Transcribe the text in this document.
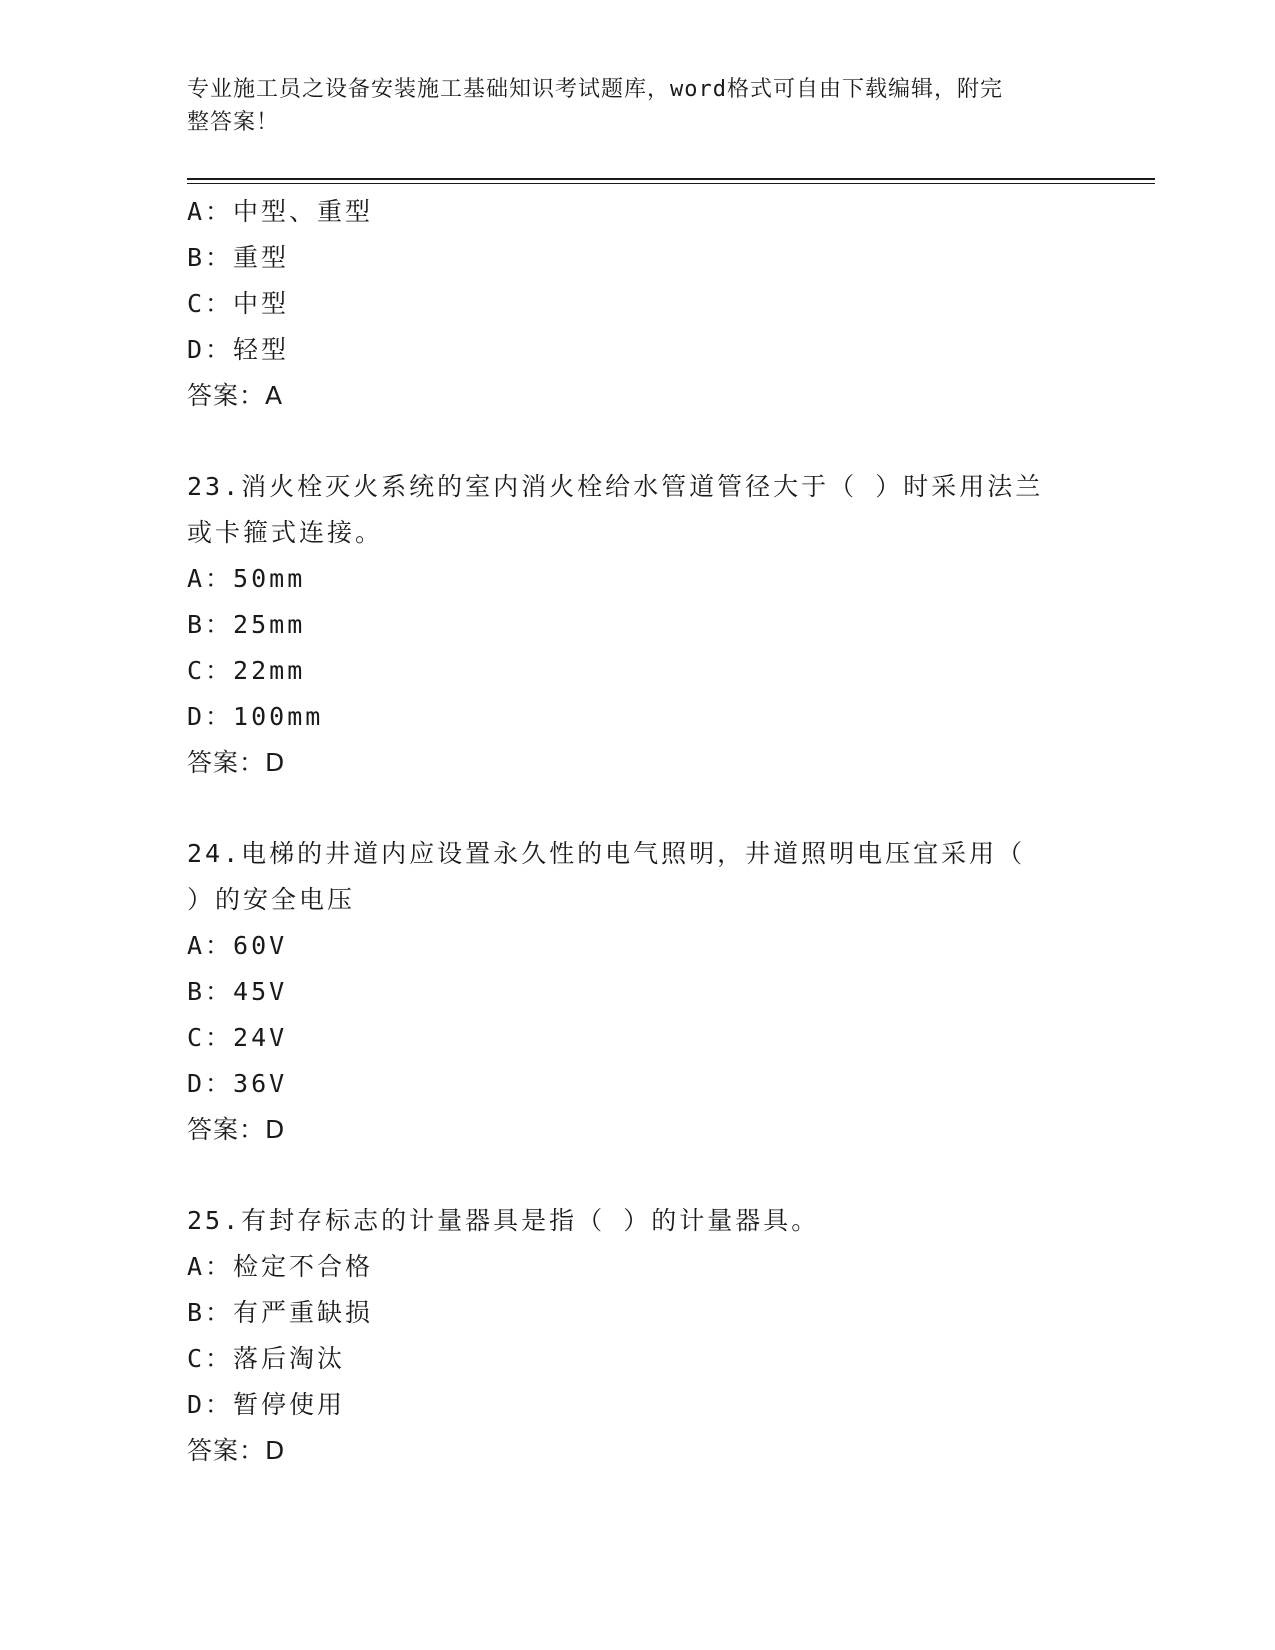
专业施工员之设备安装施工基础知识考试题库，word格式可自由下载编辑，附完
整答案！
A：中型、重型
B：重型
C：中型
D：轻型
答案：A
23.消火栓灭火系统的室内消火栓给水管道管径大于（ ）时采用法兰
或卡箍式连接。
A：50mm
B：25mm
C：22mm
D：100mm
答案：D
24.电梯的井道内应设置永久性的电气照明，井道照明电压宜采用（
）的安全电压
A：60V
B：45V
C：24V
D：36V
答案：D
25.有封存标志的计量器具是指（ ）的计量器具。
A：检定不合格
B：有严重缺损
C：落后淘汰
D：暂停使用
答案：D
